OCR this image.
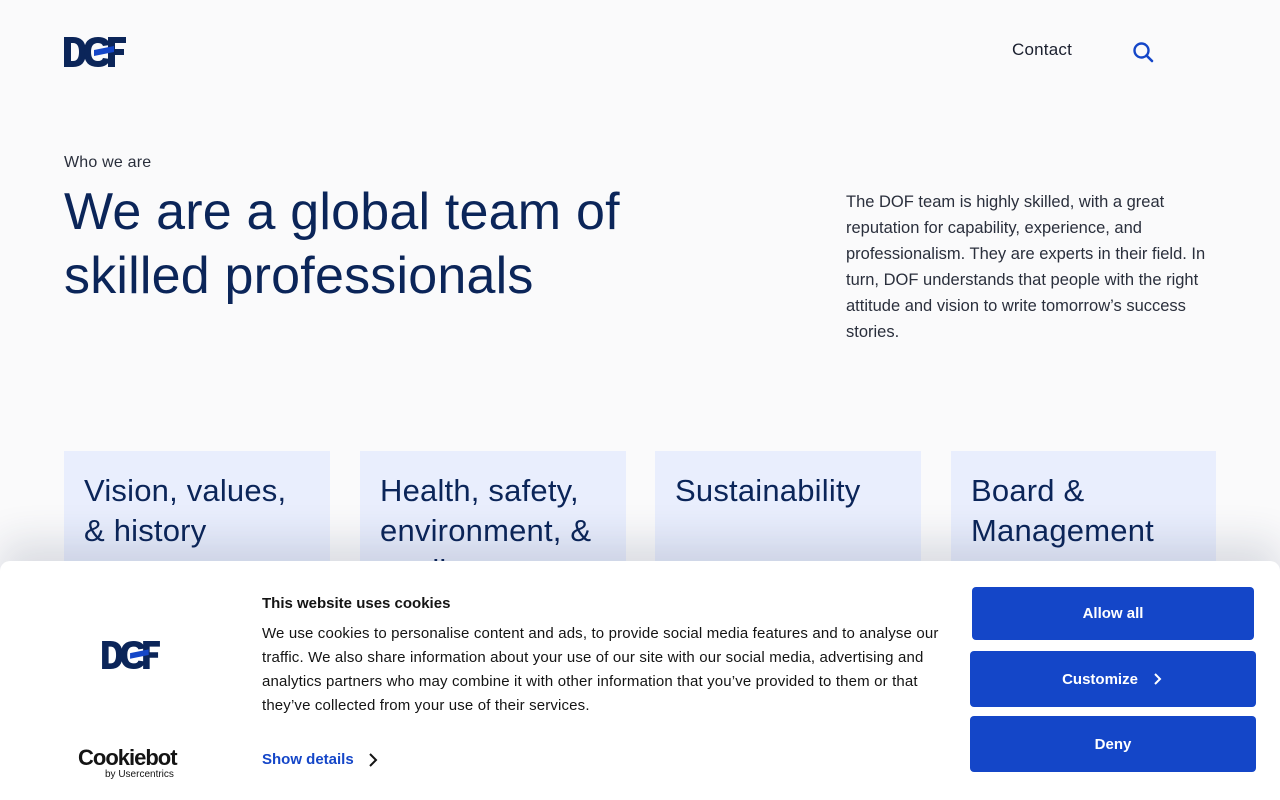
Contact
Who we are
We are a global team of skilled professionals

The DOF team is highly skilled, with a great reputation for capability, experience, and professionalism. They are experts in their field. In turn, DOF understands that people with the right attitude and vision to write tomorrow’s success stories.

Vision, values, & history
Health, safety, environment, &
Sustainability	Board & Management
Cookiebot
by Usercentrics
This website uses cookies
We use cookies to personalise content and ads, to provide social media features and to analyse our traffic. We also share information about your use of our site with our social media, advertising and analytics partners who may combine it with other information that you’ve provided to them or that they’ve collected from your use of their services.
Show details
Allow all
Customize
Deny
